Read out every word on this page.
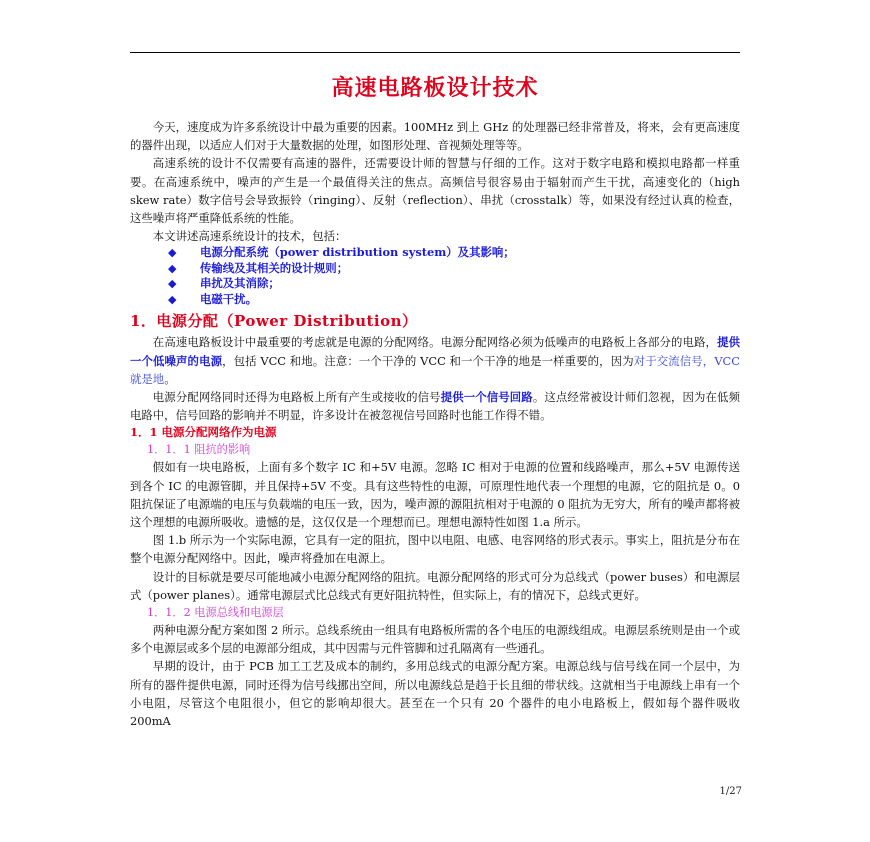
高速电路板设计技术

今天，速度成为许多系统设计中最为重要的因素。100MHz 到上 GHz 的处理器已经非常普及，将来，会有更高速度的器件出现，以适应人们对于大量数据的处理，如图形处理、音视频处理等等。

高速系统的设计不仅需要有高速的器件，还需要设计师的智慧与仔细的工作。这对于数字电路和模拟电路都一样重要。在高速系统中，噪声的产生是一个最值得关注的焦点。高频信号很容易由于辐射而产生干扰，高速变化的（high skew rate）数字信号会导致振铃（ringing）、反射（reflection）、串扰（crosstalk）等，如果没有经过认真的检查，这些噪声将严重降低系统的性能。

本文讲述高速系统设计的技术，包括：

◆ 电源分配系统（power distribution system）及其影响；
◆ 传输线及其相关的设计规则；
◆ 串扰及其消除；
◆ 电磁干扰。
1．电源分配（Power Distribution）

在高速电路板设计中最重要的考虑就是电源的分配网络。电源分配网络必须为低噪声的电路板上各部分的电路，提供一个低噪声的电源，包括 VCC 和地。注意：一个干净的 VCC 和一个干净的地是一样重要的，因为对于交流信号，VCC 就是地。

电源分配网络同时还得为电路板上所有产生或接收的信号提供一个信号回路。这点经常被设计师们忽视，因为在低频电路中，信号回路的影响并不明显，许多设计在被忽视信号回路时也能工作得不错。

1．1 电源分配网络作为电源
1．1．1 阻抗的影响

假如有一块电路板，上面有多个数字 IC 和+5V 电源。忽略 IC 相对于电源的位置和线路噪声，那么+5V 电源传送到各个 IC 的电源管脚，并且保持+5V 不变。具有这些特性的电源，可原理性地代表一个理想的电源，它的阻抗是 0。0 阻抗保证了电源端的电压与负载端的电压一致，因为，噪声源的源阻抗相对于电源的 0 阻抗为无穷大，所有的噪声都将被这个理想的电源所吸收。遗憾的是，这仅仅是一个理想而已。理想电源特性如图 1.a 所示。

图 1.b 所示为一个实际电源，它具有一定的阻抗，图中以电阻、电感、电容网络的形式表示。事实上，阻抗是分布在整个电源分配网络中。因此，噪声将叠加在电源上。

设计的目标就是要尽可能地减小电源分配网络的阻抗。电源分配网络的形式可分为总线式（power buses）和电源层式（power planes）。通常电源层式比总线式有更好阻抗特性，但实际上，有的情况下，总线式更好。

1．1．2 电源总线和电源层

两种电源分配方案如图 2 所示。总线系统由一组具有电路板所需的各个电压的电源线组成。电源层系统则是由一个或多个电源层或多个层的电源部分组成，其中因需与元件管脚和过孔隔离有一些通孔。

早期的设计，由于 PCB 加工工艺及成本的制约，多用总线式的电源分配方案。电源总线与信号线在同一个层中，为所有的器件提供电源，同时还得为信号线挪出空间，所以电源线总是趋于长且细的带状线。这就相当于电源线上串有一个小电阻，尽管这个电阻很小，但它的影响却很大。甚至在一个只有 20 个器件的电小电路板上，假如每个器件吸收 200mA

1/27
